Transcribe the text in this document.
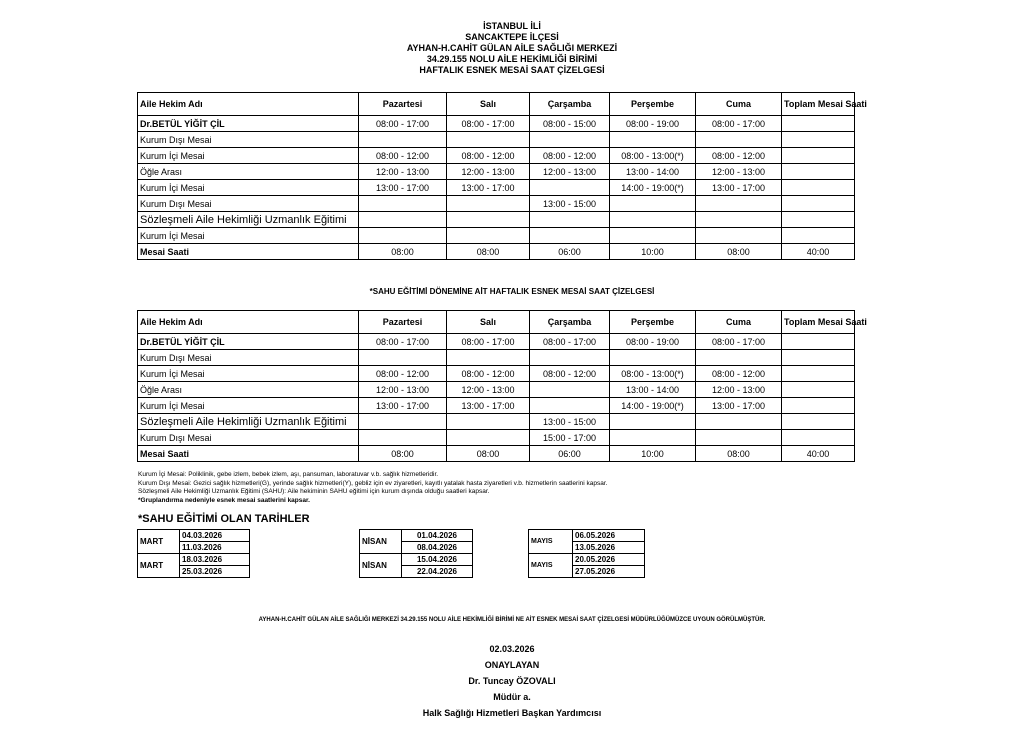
İSTANBUL İLİ
SANCAKTEPE İLÇESİ
AYHAN-H.CAHİT GÜLAN AİLE SAĞLIĞI MERKEZİ
34.29.155 NOLU AİLE HEKİMLİĞİ BİRİMİ
HAFTALIK ESNEK MESAİ SAAT ÇİZELGESİ
Aile Hekim Adı	Pazartesi	Salı	Çarşamba	Perşembe	Cuma	Toplam Mesai Saati
Dr.BETÜL YİĞİT ÇİL	08:00 - 17:00	08:00 - 17:00	08:00 - 15:00	08:00 - 19:00	08:00 - 17:00	
Kurum Dışı Mesai						
Kurum İçi Mesai	08:00 - 12:00	08:00 - 12:00	08:00 - 12:00	08:00 - 13:00(*)	08:00 - 12:00	
Öğle Arası	12:00 - 13:00	12:00 - 13:00	12:00 - 13:00	13:00 - 14:00	12:00 - 13:00	
Kurum İçi Mesai	13:00 - 17:00	13:00 - 17:00		14:00 - 19:00(*)	13:00 - 17:00	
Kurum Dışı Mesai			13:00 - 15:00			
Sözleşmeli Aile Hekimliği Uzmanlık Eğitimi						
Kurum İçi Mesai						
Mesai Saati	08:00	08:00	06:00	10:00	08:00	40:00
*SAHU EĞİTİMİ DÖNEMİNE AİT HAFTALIK ESNEK MESAİ SAAT ÇİZELGESİ
Aile Hekim Adı	Pazartesi	Salı	Çarşamba	Perşembe	Cuma	Toplam Mesai Saati
Dr.BETÜL YİĞİT ÇİL	08:00 - 17:00	08:00 - 17:00	08:00 - 17:00	08:00 - 19:00	08:00 - 17:00	
Kurum Dışı Mesai						
Kurum İçi Mesai	08:00 - 12:00	08:00 - 12:00	08:00 - 12:00	08:00 - 13:00(*)	08:00 - 12:00	
Öğle Arası	12:00 - 13:00	12:00 - 13:00		13:00 - 14:00	12:00 - 13:00	
Kurum İçi Mesai	13:00 - 17:00	13:00 - 17:00		14:00 - 19:00(*)	13:00 - 17:00	
Sözleşmeli Aile Hekimliği Uzmanlık Eğitimi			13:00 - 15:00			
Kurum Dışı Mesai			15:00 - 17:00			
Mesai Saati	08:00	08:00	06:00	10:00	08:00	40:00
Kurum İçi Mesai: Poliklinik, gebe izlem, bebek izlem, aşı, pansuman, laboratuvar v.b. sağlık hizmetleridir.
Kurum Dışı Mesai: Gezici sağlık hizmetleri(G), yerinde sağlık hizmetleri(Y), gebliz için ev ziyaretleri, kayıtlı yatalak hasta ziyaretleri v.b. hizmetlerin saatlerini kapsar.
Sözleşmeli Aile Hekimliği Uzmanlık Eğitimi (SAHU): Aile hekiminin SAHU eğitimi için kurum dışında olduğu saatleri kapsar.
*Gruplandırma nedeniyle esnek mesai saatlerini kapsar.
*SAHU EĞİTİMİ OLAN TARİHLER
MART	04.03.2026
	11.03.2026
MART	18.03.2026
	25.03.2026
NİSAN	01.04.2026
	08.04.2026
NİSAN	15.04.2026
	22.04.2026
MAYIS	06.05.2026
	13.05.2026
MAYIS	20.05.2026
	27.05.2026
AYHAN-H.CAHİT GÜLAN AİLE SAĞLIĞI MERKEZİ 34.29.155 NOLU AİLE HEKİMLİĞİ BİRİMİ NE AİT ESNEK MESAİ SAAT ÇİZELGESİ MÜDÜRLÜĞÜMÜZCE UYGUN GÖRÜLMÜŞTÜR.
02.03.2026
ONAYLAYAN
Dr. Tuncay ÖZOVALI
Müdür a.
Halk Sağlığı Hizmetleri Başkan Yardımcısı
